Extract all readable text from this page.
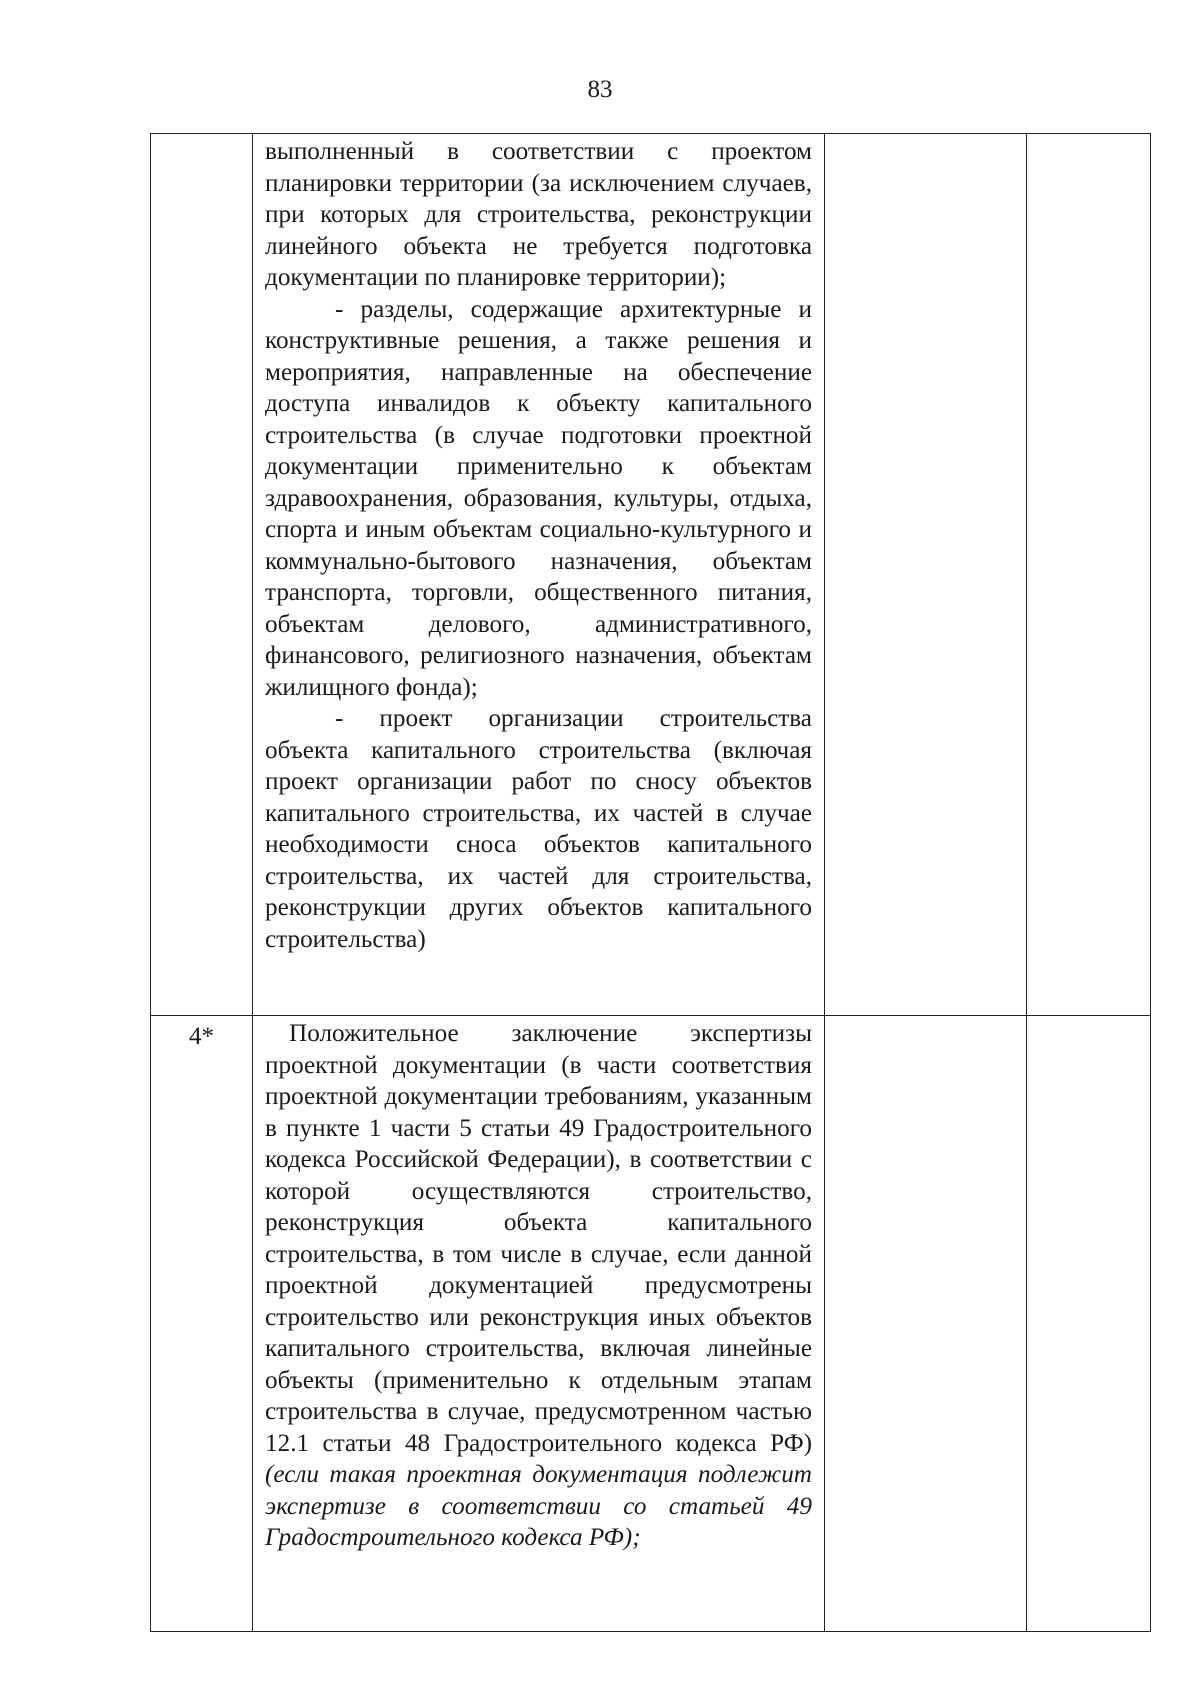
83

	выполненный в соответствии с проектом планировки территории (за исключением случаев, при которых для строительства, реконструкции линейного объекта не требуется подготовка документации по планировке территории);

- разделы, содержащие архитектурные и конструктивные решения, а также решения и мероприятия, направленные на обеспечение доступа инвалидов к объекту капитального строительства (в случае подготовки проектной документации применительно к объектам здравоохранения, образования, культуры, отдыха, спорта и иным объектам социально-культурного и коммунально-бытового назначения, объектам транспорта, торговли, общественного питания, объектам делового, административного, финансового, религиозного назначения, объектам жилищного фонда);

- проект организации строительства объекта капитального строительства (включая проект организации работ по сносу объектов капитального строительства, их частей в случае необходимости сноса объектов капитального строительства, их частей для строительства, реконструкции других объектов капитального строительства)		

4*	Положительное заключение экспертизы проектной документации (в части соответствия проектной документации требованиям, указанным в пункте 1 части 5 статьи 49 Градостроительного кодекса Российской Федерации), в соответствии с которой осуществляются строительство, реконструкция объекта капитального строительства, в том числе в случае, если данной проектной документацией предусмотрены строительство или реконструкция иных объектов капитального строительства, включая линейные объекты (применительно к отдельным этапам строительства в случае, предусмотренном частью 12.1 статьи 48 Градостроительного кодекса РФ) (если такая проектная документация подлежит экспертизе в соответствии со статьей 49 Градостроительного кодекса РФ);		
